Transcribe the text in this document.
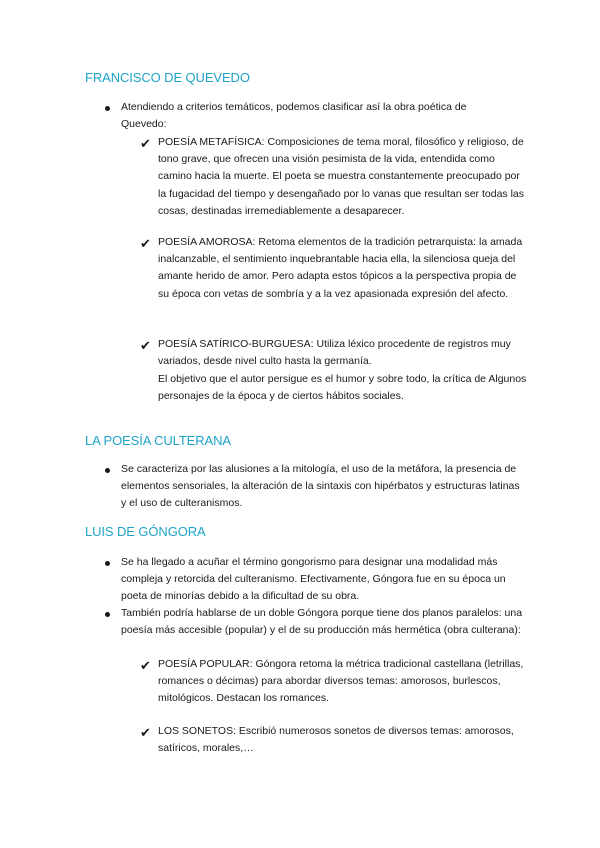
FRANCISCO DE QUEVEDO
Atendiendo a criterios temáticos, podemos clasificar así la obra poética de Quevedo:
✔ POESÍA METAFÍSICA: Composiciones de tema moral, filosófico y religioso, de tono grave, que ofrecen una visión pesimista de la vida, entendida como camino hacia la muerte. El poeta se muestra constantemente preocupado por la fugacidad del tiempo y desengañado por lo vanas que resultan ser todas las cosas, destinadas irremediablemente a desaparecer.
✔ POESÍA AMOROSA: Retoma elementos de la tradición petrarquista: la amada inalcanzable, el sentimiento inquebrantable hacia ella, la silenciosa queja del amante herido de amor. Pero adapta estos tópicos a la perspectiva propia de su época con vetas de sombría y a la vez apasionada expresión del afecto.
✔ POESÍA SATÍRICO-BURGUESA: Utiliza léxico procedente de registros muy variados, desde nivel culto hasta la germanía.
El objetivo que el autor persigue es el humor y sobre todo, la crítica de Algunos personajes de la época y de ciertos hábitos sociales.
LA POESÍA CULTERANA
Se caracteriza por las alusiones a la mitología, el uso de la metáfora, la presencia de elementos sensoriales, la alteración de la sintaxis con hipérbatos y estructuras latinas y el uso de culteranismos.
LUIS DE GÓNGORA
Se ha llegado a acuñar el término gongorismo para designar una modalidad más compleja y retorcida del culteranismo. Efectivamente, Góngora fue en su época un poeta de minorías debido a la dificultad de su obra.
También podría hablarse de un doble Góngora porque tiene dos planos paralelos: una poesía más accesible (popular) y el de su producción más hermética (obra culterana):
✔ POESÍA POPULAR: Góngora retoma la métrica tradicional castellana (letrillas, romances o décimas) para abordar diversos temas: amorosos, burlescos, mitológicos. Destacan los romances.
✔ LOS SONETOS: Escribió numerosos sonetos de diversos temas: amorosos, satíricos, morales,…
